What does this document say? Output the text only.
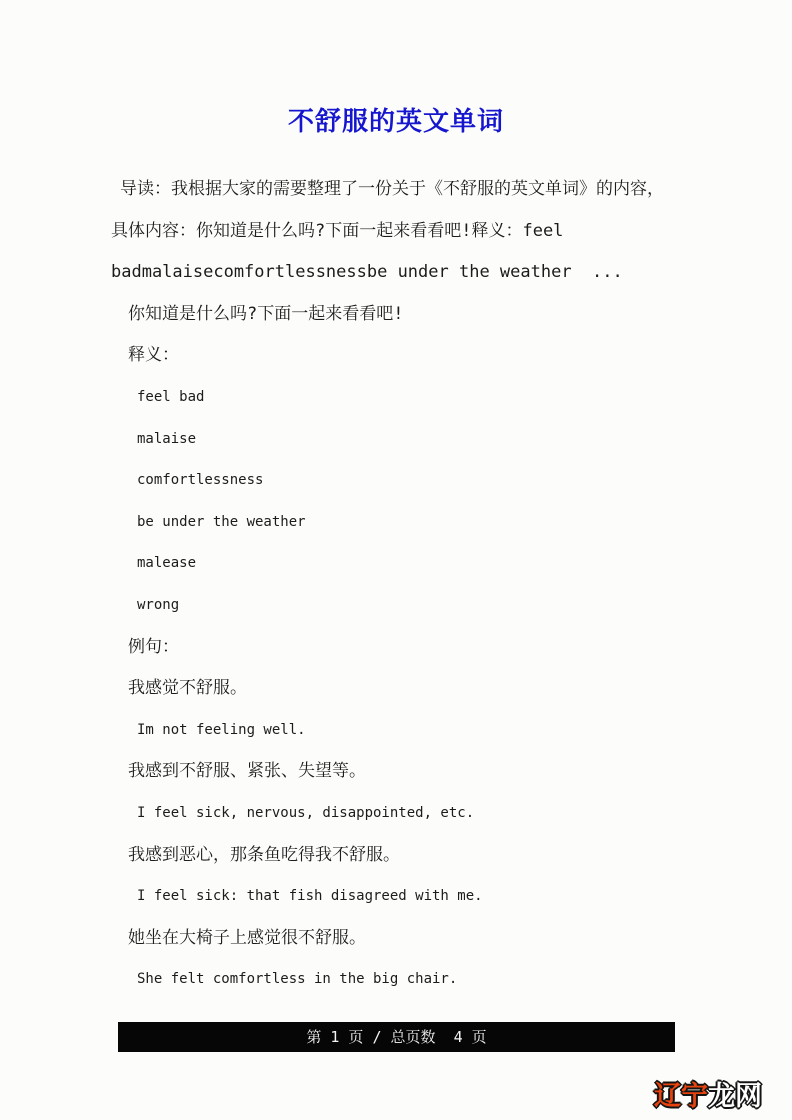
不舒服的英文单词
导读：我根据大家的需要整理了一份关于《不舒服的英文单词》的内容，
具体内容：你知道是什么吗?下面一起来看看吧!释义：feel
badmalaisecomfortlessnessbe under the weather  ...
你知道是什么吗?下面一起来看看吧!
释义：
feel bad
malaise
comfortlessness
be under the weather
malease
wrong
例句：
我感觉不舒服。
Im not feeling well.
我感到不舒服、紧张、失望等。
I feel sick, nervous, disappointed, etc.
我感到恶心，那条鱼吃得我不舒服。
I feel sick: that fish disagreed with me.
她坐在大椅子上感觉很不舒服。
She felt comfortless in the big chair.
第 1 页 / 总页数  4 页
辽宁龙网
